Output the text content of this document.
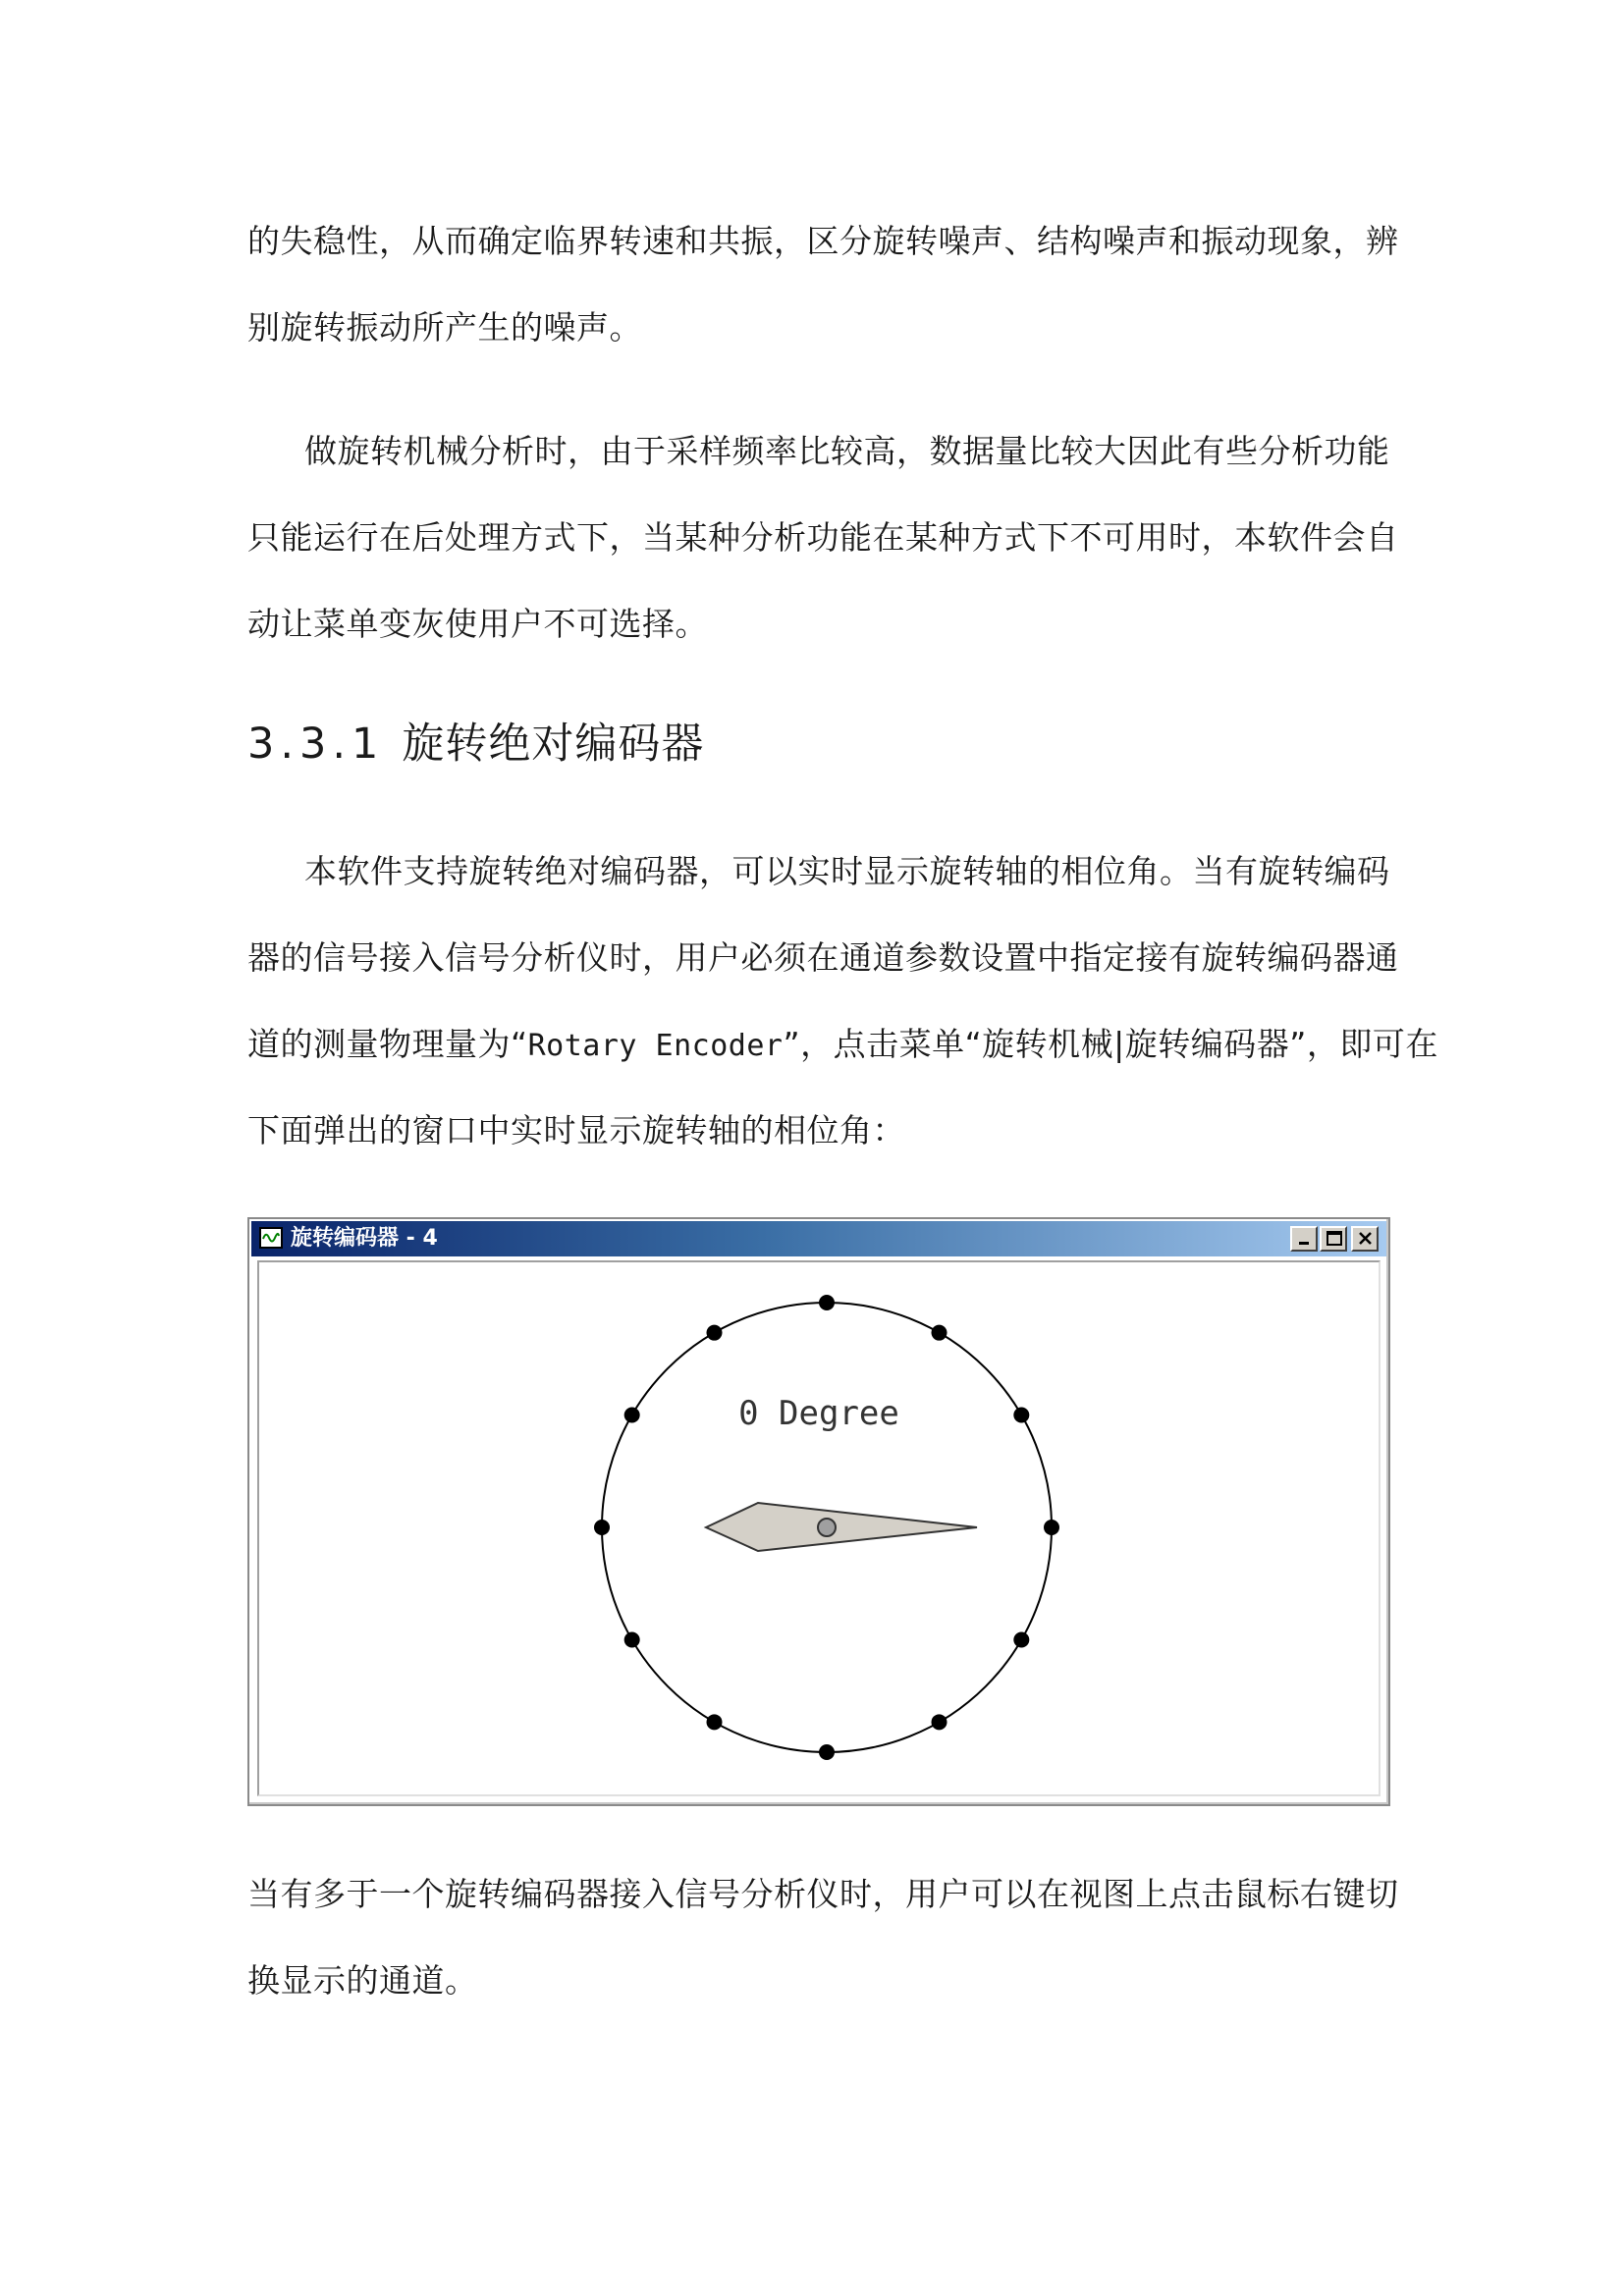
的失稳性，从而确定临界转速和共振，区分旋转噪声、结构噪声和振动现象，辨
别旋转振动所产生的噪声。
做旋转机械分析时，由于采样频率比较高，数据量比较大因此有些分析功能
只能运行在后处理方式下，当某种分析功能在某种方式下不可用时，本软件会自
动让菜单变灰使用户不可选择。
3.3.1 旋转绝对编码器
本软件支持旋转绝对编码器，可以实时显示旋转轴的相位角。当有旋转编码
器的信号接入信号分析仪时，用户必须在通道参数设置中指定接有旋转编码器通
道的测量物理量为“Rotary Encoder”，点击菜单“旋转机械|旋转编码器”，即可在
下面弹出的窗口中实时显示旋转轴的相位角：
旋转编码器 - 4
0 Degree
当有多于一个旋转编码器接入信号分析仪时，用户可以在视图上点击鼠标右键切
换显示的通道。
